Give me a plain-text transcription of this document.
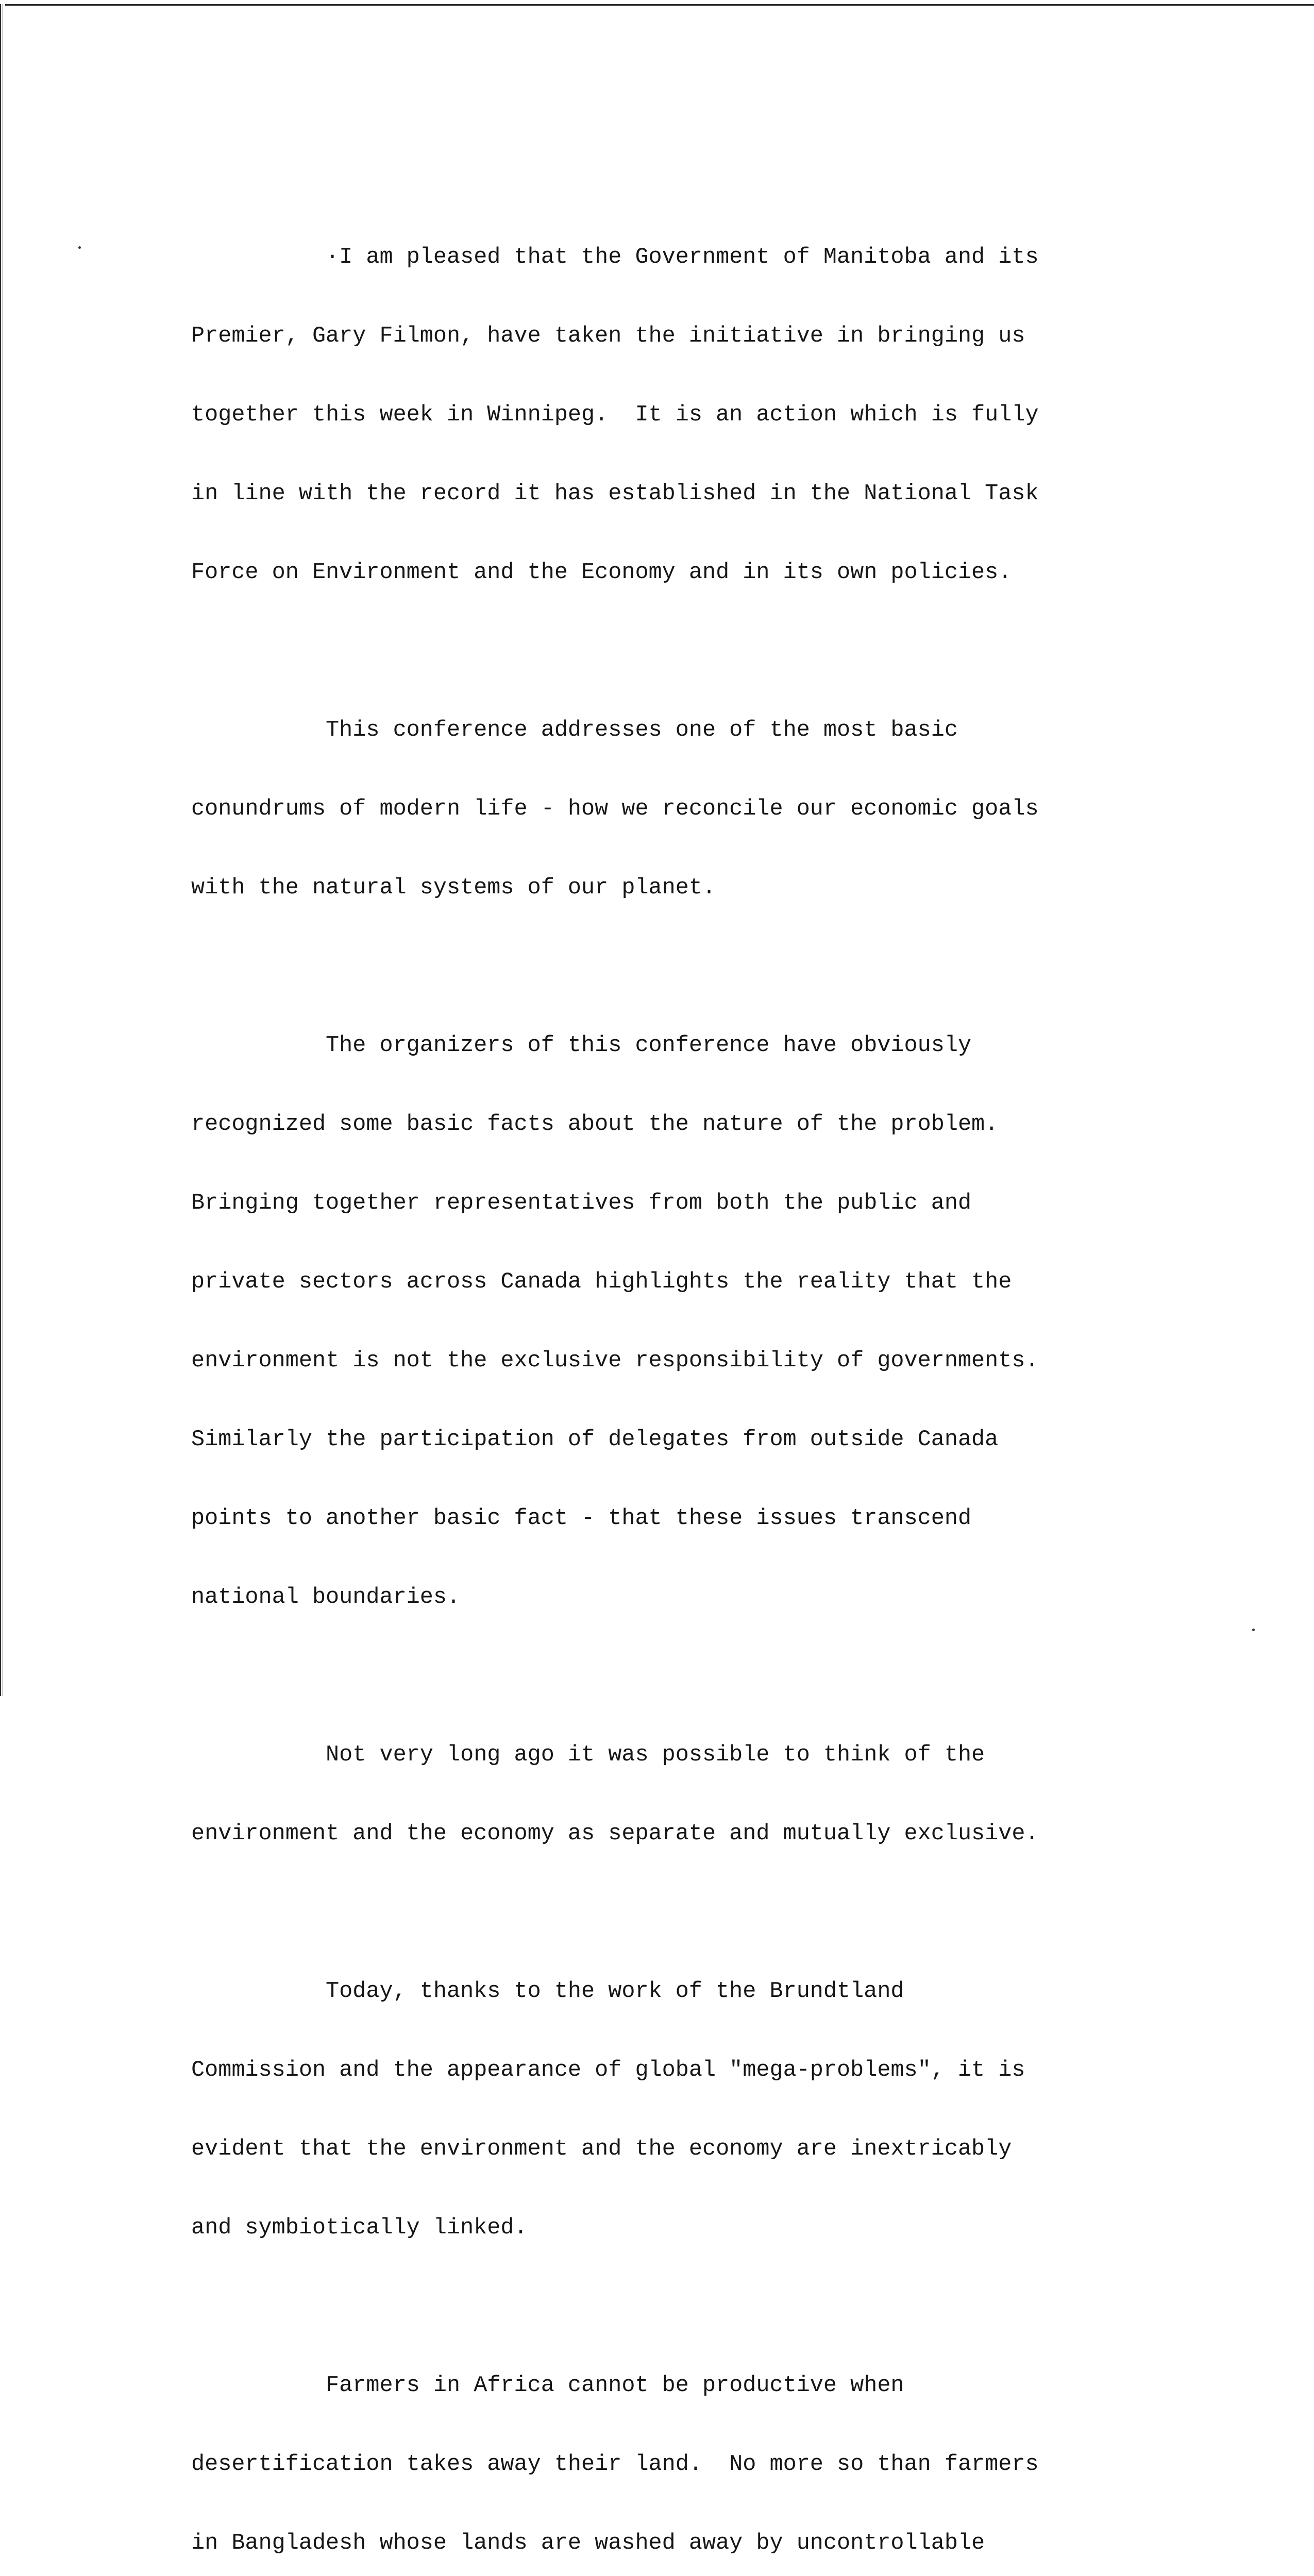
·I am pleased that the Government of Manitoba and its

Premier, Gary Filmon, have taken the initiative in bringing us

together this week in Winnipeg.  It is an action which is fully

in line with the record it has established in the National Task

Force on Environment and the Economy and in its own policies.

This conference addresses one of the most basic

conundrums of modern life - how we reconcile our economic goals

with the natural systems of our planet.

The organizers of this conference have obviously

recognized some basic facts about the nature of the problem.

Bringing together representatives from both the public and

private sectors across Canada highlights the reality that the

environment is not the exclusive responsibility of governments.

Similarly the participation of delegates from outside Canada

points to another basic fact - that these issues transcend

national boundaries.

Not very long ago it was possible to think of the

environment and the economy as separate and mutually exclusive.

Today, thanks to the work of the Brundtland

Commission and the appearance of global "mega-problems", it is

evident that the environment and the economy are inextricably

and symbiotically linked.

Farmers in Africa cannot be productive when

desertification takes away their land.  No more so than farmers

in Bangladesh whose lands are washed away by uncontrollable
